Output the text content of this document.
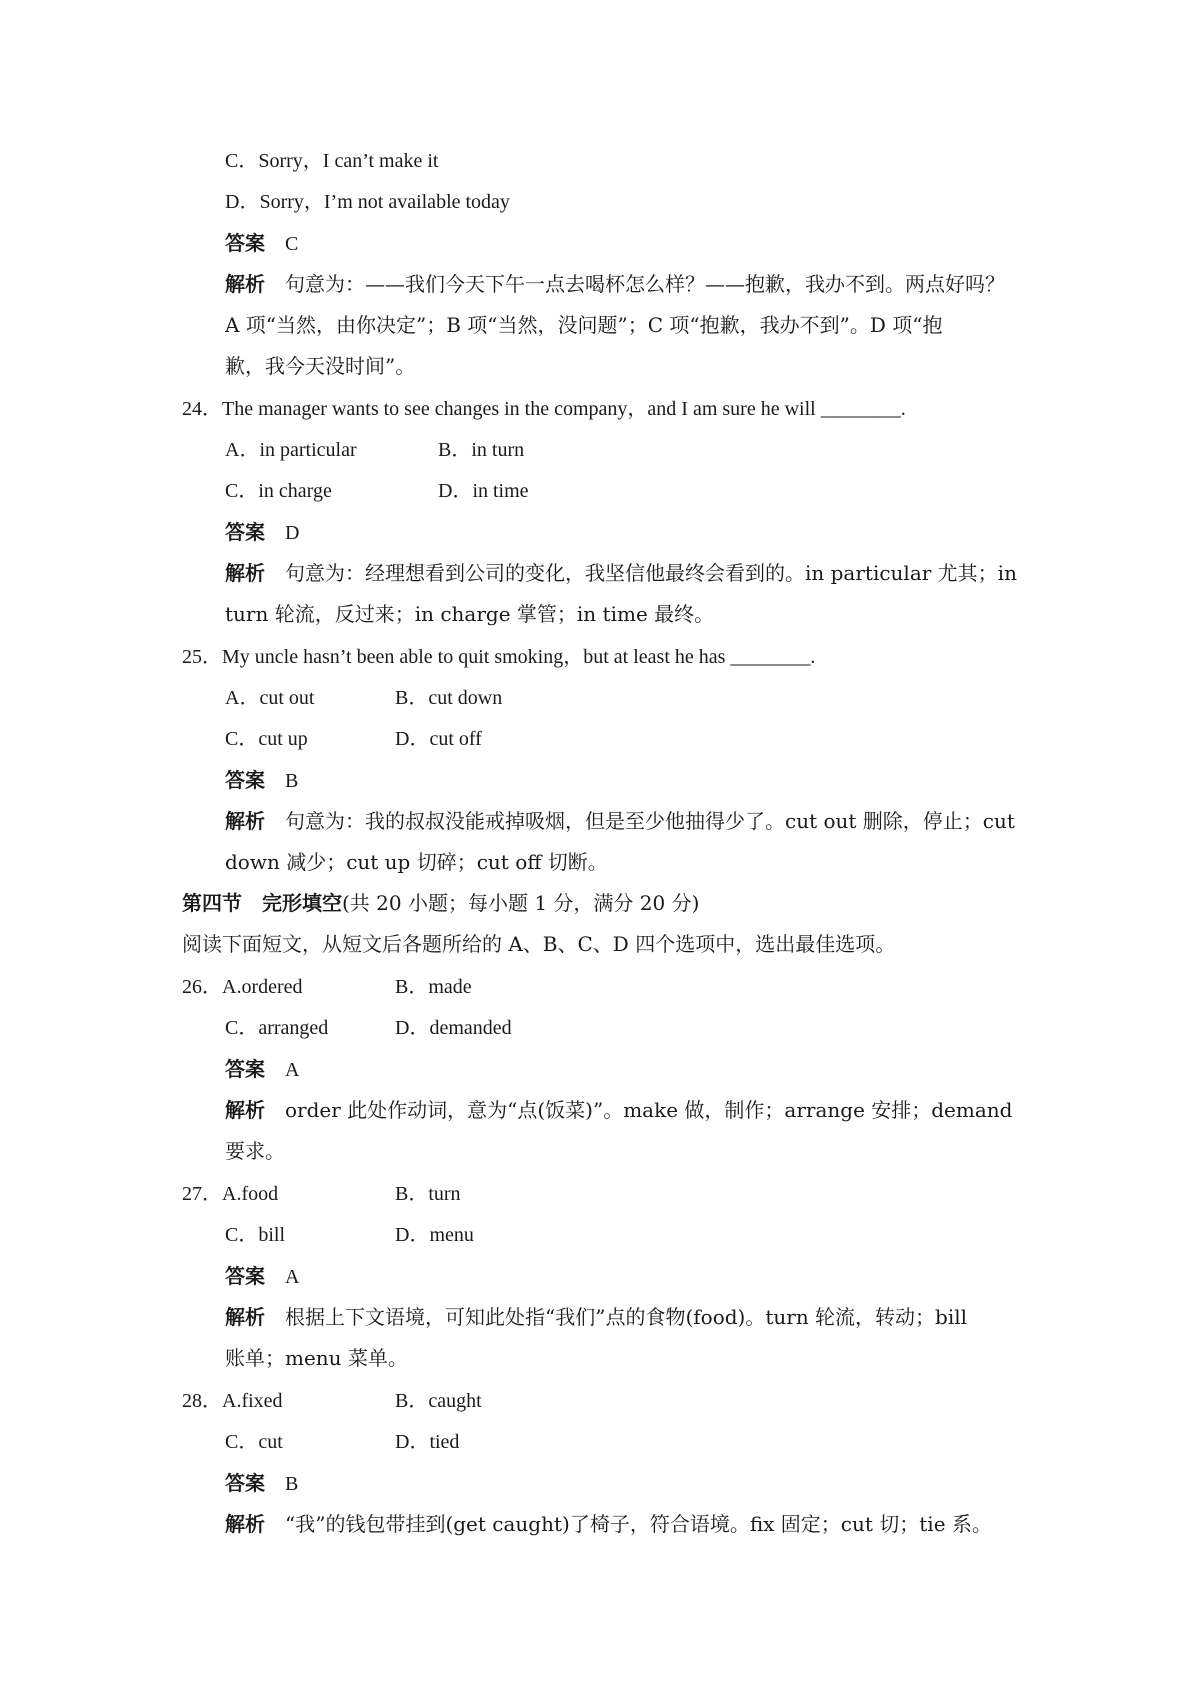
C．Sorry，I can’t make it
D．Sorry，I’m not available today
答案 C
解析 句意为：——我们今天下午一点去喝杯怎么样？——抱歉，我办不到。两点好吗？
A 项“当然，由你决定”；B 项“当然，没问题”；C 项“抱歉，我办不到”。D 项“抱
歉，我今天没时间”。
24．The manager wants to see changes in the company，and I am sure he will ________.
A．in particular	B．in turn
C．in charge	D．in time
答案 D
解析 句意为：经理想看到公司的变化，我坚信他最终会看到的。in particular 尤其；in
turn 轮流，反过来；in charge 掌管；in time 最终。
25．My uncle hasn’t been able to quit smoking，but at least he has ________.
A．cut out	B．cut down
C．cut up	D．cut off
答案 B
解析 句意为：我的叔叔没能戒掉吸烟，但是至少他抽得少了。cut out 删除，停止；cut
down 减少；cut up 切碎；cut off 切断。
第四节　完形填空(共 20 小题；每小题 1 分，满分 20 分)
阅读下面短文，从短文后各题所给的 A、B、C、D 四个选项中，选出最佳选项。
26．A.ordered	B．made
C．arranged	D．demanded
答案 A
解析 order 此处作动词，意为“点(饭菜)”。make 做，制作；arrange 安排；demand
要求。
27．A.food	B．turn
C．bill	D．menu
答案 A
解析 根据上下文语境，可知此处指“我们”点的食物(food)。turn 轮流，转动；bill
账单；menu 菜单。
28．A.fixed	B．caught
C．cut	D．tied
答案 B
解析 “我”的钱包带挂到(get caught)了椅子，符合语境。fix 固定；cut 切；tie 系。
